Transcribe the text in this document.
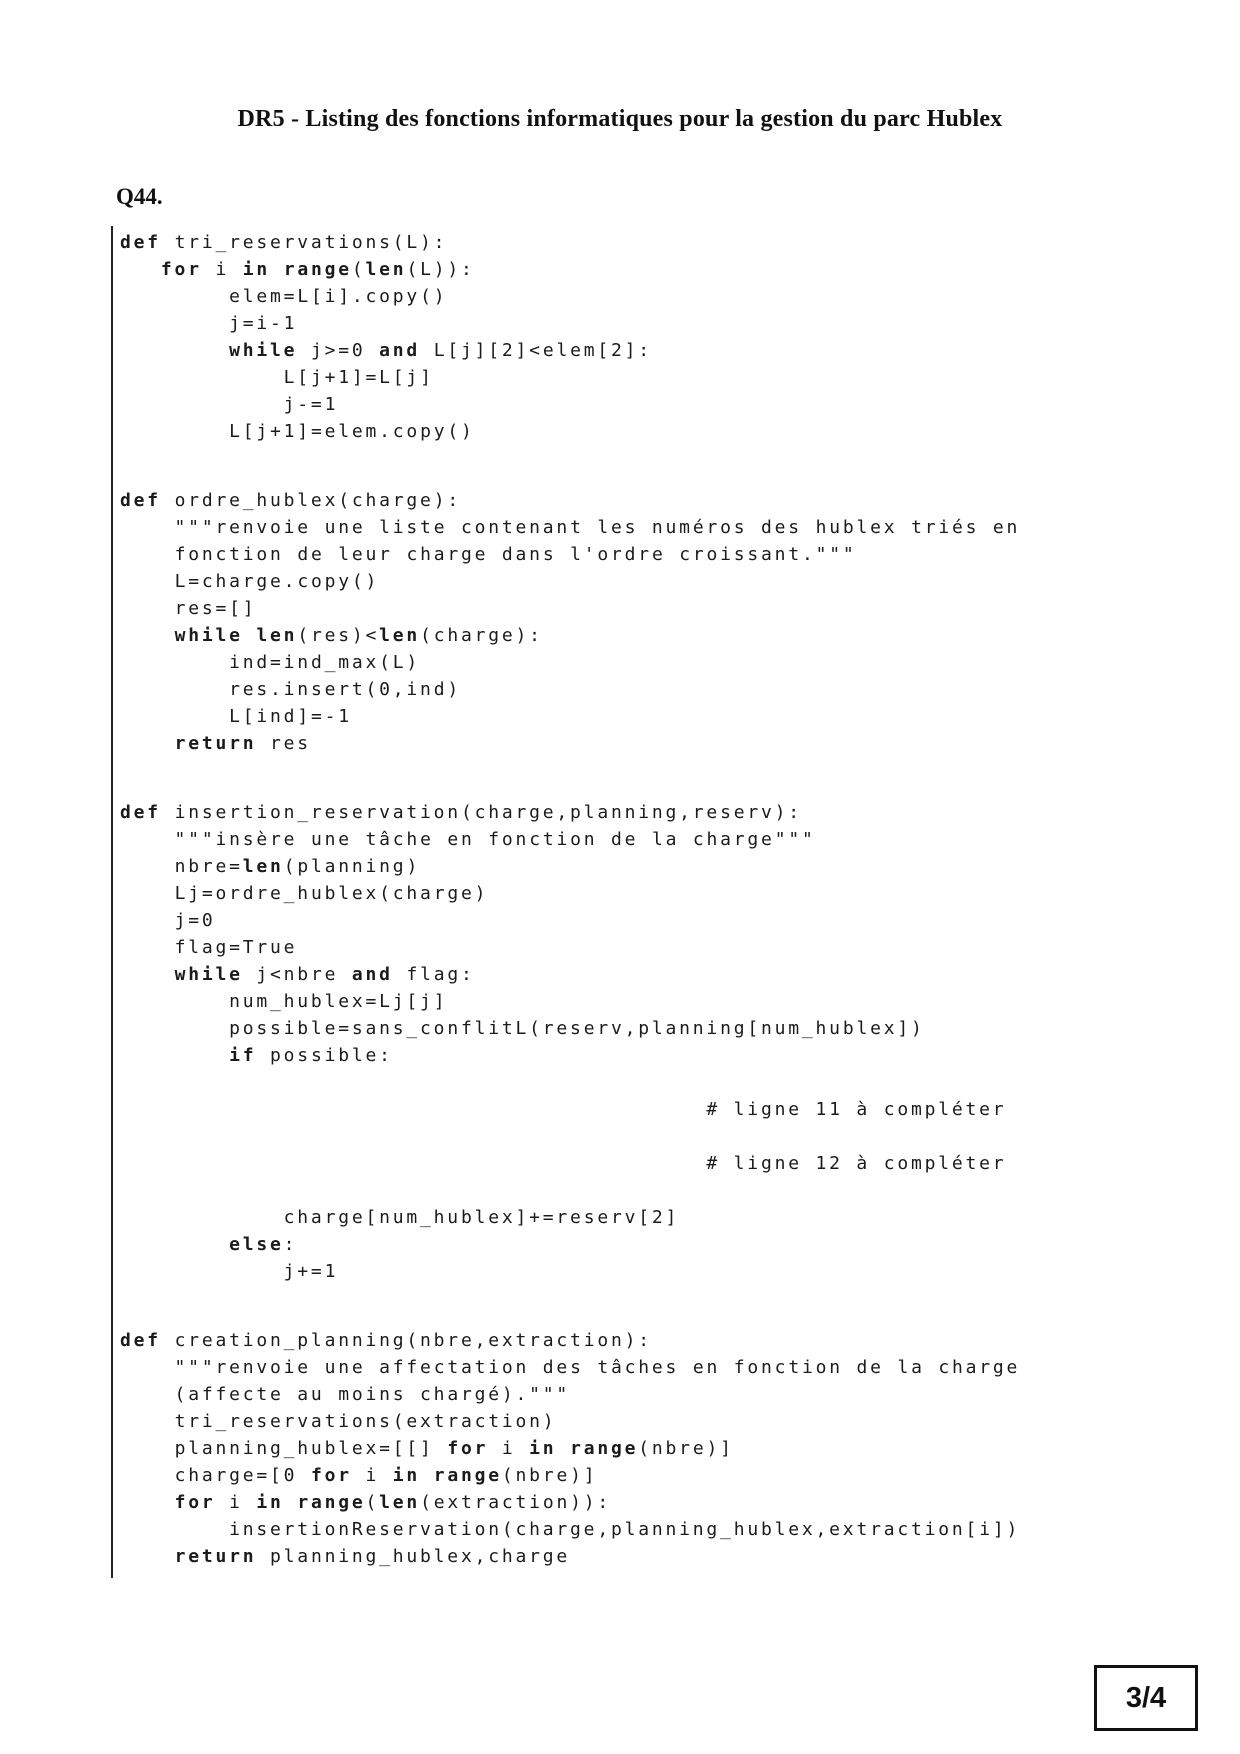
DR5 - Listing des fonctions informatiques pour la gestion du parc Hublex
Q44.
def tri_reservations(L):
for i in range(len(L)):
elem=L[i].copy()
j=i-1
while j>=0 and L[j][2]<elem[2]:
L[j+1]=L[j]
j-=1
L[j+1]=elem.copy()
def ordre_hublex(charge):
"""renvoie une liste contenant les numéros des hublex triés en
fonction de leur charge dans l'ordre croissant."""
L=charge.copy()
res=[]
while len(res)<len(charge):
ind=ind_max(L)
res.insert(0,ind)
L[ind]=-1
return res
def insertion_reservation(charge,planning,reserv):
"""insère une tâche en fonction de la charge"""
nbre=len(planning)
Lj=ordre_hublex(charge)
j=0
flag=True
while j<nbre and flag:
num_hublex=Lj[j]
possible=sans_conflitL(reserv,planning[num_hublex])
if possible:

# ligne 11 à compléter

# ligne 12 à compléter

charge[num_hublex]+=reserv[2]
else:
j+=1
def creation_planning(nbre,extraction):
"""renvoie une affectation des tâches en fonction de la charge
(affecte au moins chargé)."""
tri_reservations(extraction)
planning_hublex=[[] for i in range(nbre)]
charge=[0 for i in range(nbre)]
for i in range(len(extraction)):
insertionReservation(charge,planning_hublex,extraction[i])
return planning_hublex,charge
3/4
